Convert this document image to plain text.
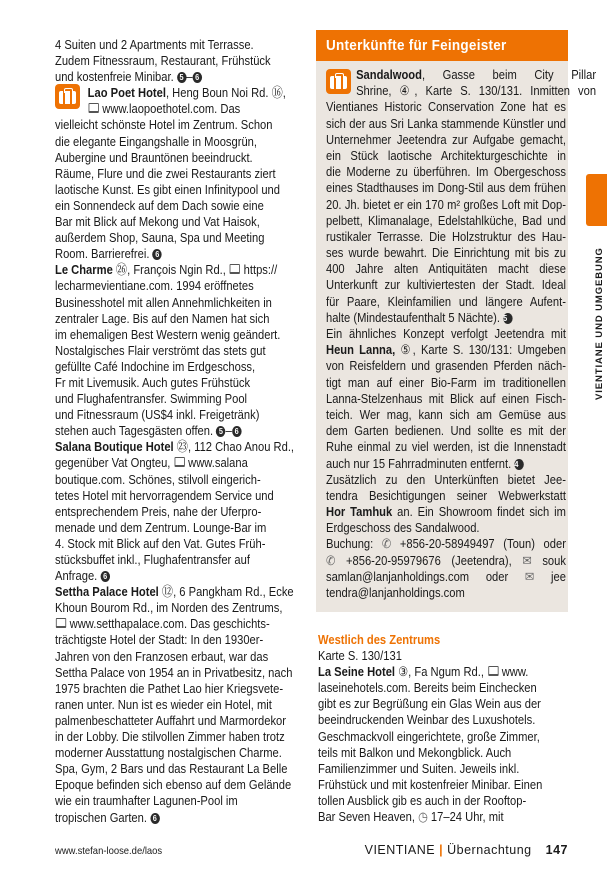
Unterkünfte für Feingeister
4 Suiten und 2 Apartments mit Terrasse.
Zudem Fitnessraum, Restaurant, Frühstück
und kostenfreie Minibar. 5 – 6
Lao Poet Hotel, Heng Boun Noi Rd. ⑯,
www.laopoethotel.com. Das
vielleicht schönste Hotel im Zentrum. Schon
die elegante Eingangshalle in Moosgrün,
Aubergine und Brauntönen beeindruckt.
Räume, Flure und die zwei Restaurants ziert
laotische Kunst. Es gibt einen Infinitypool und
ein Sonnendeck auf dem Dach sowie eine
Bar mit Blick auf Mekong und Vat Haisok,
außerdem Shop, Sauna, Spa und Meeting
Room. Barrierefrei. 6
Le Charme ㉖, François Ngin Rd., https://
lecharmevientiane.com. 1994 eröffnetes
Businesshotel mit allen Annehmlichkeiten in
zentraler Lage. Bis auf den Namen hat sich
im ehemaligen Best Western wenig geändert.
Nostalgisches Flair verströmt das stets gut
gefüllte Café Indochine im Erdgeschoss,
Fr mit Livemusik. Auch gutes Frühstück
und Flughafentransfer. Swimming Pool
und Fitnessraum (US$4 inkl. Freigetränk)
stehen auch Tagesgästen offen. 5 – 6
Salana Boutique Hotel ㉓, 112 Chao Anou Rd.,
gegenüber Vat Ongteu, www.salana
boutique.com. Schönes, stilvoll eingerich-
tetes Hotel mit hervorragendem Service und
entsprechendem Preis, nahe der Uferpro-
menade und dem Zentrum. Lounge-Bar im
4. Stock mit Blick auf den Vat. Gutes Früh-
stücksbuffet inkl., Flughafentransfer auf
Anfrage. 6
Settha Palace Hotel ⑫, 6 Pangkham Rd., Ecke
Khoun Bourom Rd., im Norden des Zentrums,
www.setthapalace.com. Das geschichts-
trächtigste Hotel der Stadt: In den 1930er-
Jahren von den Franzosen erbaut, war das
Settha Palace von 1954 an in Privatbesitz, nach
1975 brachten die Pathet Lao hier Kriegsvete-
ranen unter. Nun ist es wieder ein Hotel, mit
palmenbeschatteter Auffahrt und Marmordekor
in der Lobby. Die stilvollen Zimmer haben trotz
moderner Ausstattung nostalgischen Charme.
Spa, Gym, 2 Bars und das Restaurant La Belle
Epoque befinden sich ebenso auf dem Gelände
wie ein traumhafter Lagunen-Pool im
tropischen Garten. 6
Sandalwood, Gasse beim City Pillar
Shrine, ④, Karte S. 130/131. Inmitten von
Vientianes Historic Conservation Zone hat es
sich der aus Sri Lanka stammende Künstler und
Unternehmer Jeetendra zur Aufgabe gemacht,
ein Stück laotische Architekturgeschichte in
die Moderne zu überführen. Im Obergeschoss
eines Stadthauses im Dong-Stil aus dem frühen
20. Jh. bietet er ein 170 m² großes Loft mit Dop-
pelbett, Klimanalage, Edelstahlküche, Bad und
rustikaler Terrasse. Die Holzstruktur des Hau-
ses wurde bewahrt. Die Einrichtung mit bis zu
400 Jahre alten Antiquitäten macht diese
Unterkunft zur kultiviertesten der Stadt. Ideal
für Paare, Kleinfamilien und längere Aufent-
halte (Mindestaufenthalt 5 Nächte). 5
Ein ähnliches Konzept verfolgt Jeetendra mit
Heun Lanna, ⑤, Karte S. 130/131: Umgeben
von Reisfeldern und grasenden Pferden näch-
tigt man auf einer Bio-Farm im traditionellen
Lanna-Stelzenhaus mit Blick auf einen Fisch-
teich. Wer mag, kann sich am Gemüse aus
dem Garten bedienen. Und sollte es mit der
Ruhe einmal zu viel werden, ist die Innenstadt
auch nur 15 Fahrradminuten entfernt. 4
Zusätzlich zu den Unterkünften bietet Jee-
tendra Besichtigungen seiner Webwerkstatt
Hor Tamhuk an. Ein Showroom findet sich im
Erdgeschoss des Sandalwood.
Buchung: ✆ +856-20-58949497 (Toun) oder
✆ +856-20-95979676 (Jeetendra), ✉ souk
samlan@lanjanholdings.com oder ✉ jee
tendra@lanjanholdings.com
Westlich des Zentrums
Karte S. 130/131
La Seine Hotel ③, Fa Ngum Rd., www.
laseinehotels.com. Bereits beim Einchecken
gibt es zur Begrüßung ein Glas Wein aus der
beeindruckenden Weinbar des Luxushotels.
Geschmackvoll eingerichtete, große Zimmer,
teils mit Balkon und Mekongblick. Auch
Familienzimmer und Suiten. Jeweils inkl.
Frühstück und mit kostenfreier Minibar. Einen
tollen Ausblick gib es auch in der Rooftop-
Bar Seven Heaven, ◷ 17–24 Uhr, mit
www.stefan-loose.de/laos	VIENTIANE | Übernachtung 147
VIENTIANE UND UMGEBUNG
